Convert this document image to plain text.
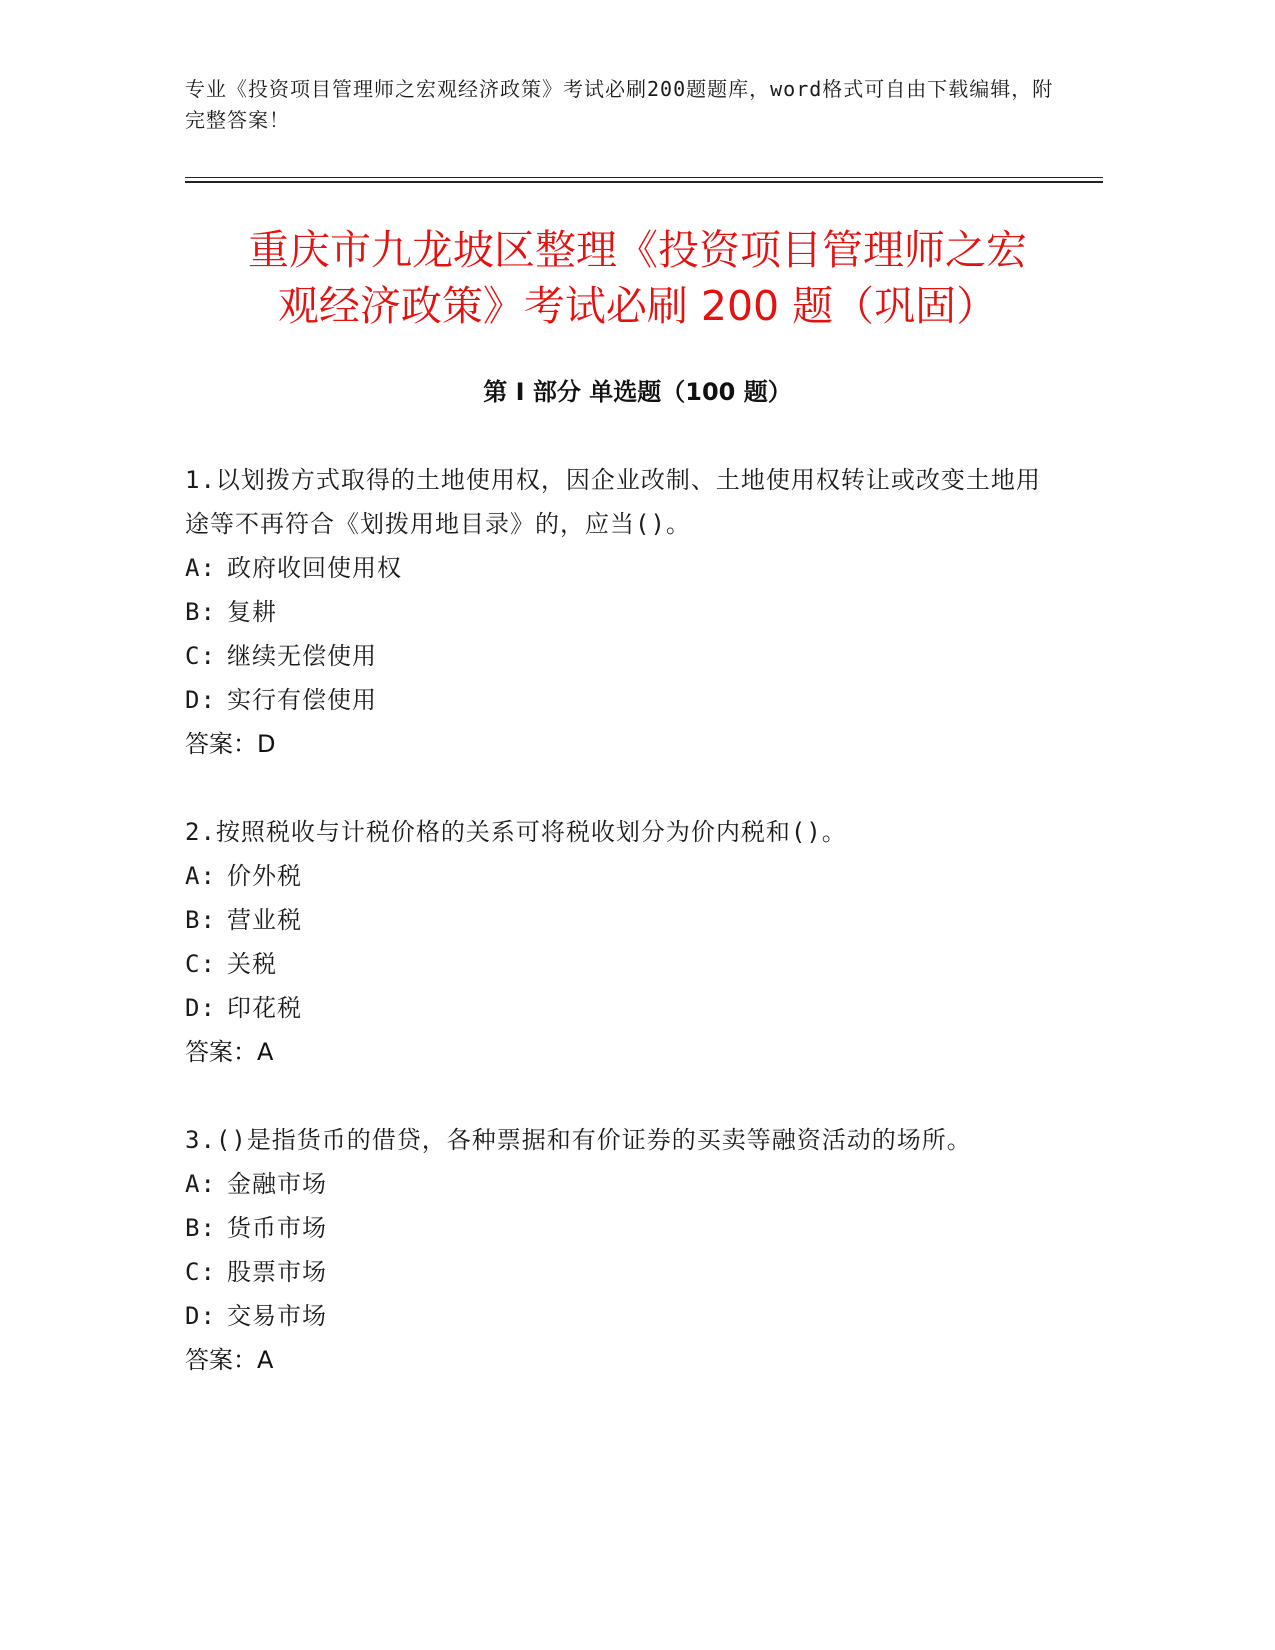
专业《投资项目管理师之宏观经济政策》考试必刷200题题库，word格式可自由下载编辑，附完整答案！
重庆市九龙坡区整理《投资项目管理师之宏
观经济政策》考试必刷 200 题（巩固）
第 I 部分 单选题（100 题）

1.以划拨方式取得的土地使用权，因企业改制、土地使用权转让或改变土地用途等不再符合《划拨用地目录》的，应当()。

A: 政府收回使用权

B: 复耕

C: 继续无偿使用

D: 实行有偿使用

答案：D

2.按照税收与计税价格的关系可将税收划分为价内税和()。

A: 价外税

B: 营业税

C: 关税

D: 印花税

答案：A

3.()是指货币的借贷，各种票据和有价证券的买卖等融资活动的场所。

A: 金融市场

B: 货币市场

C: 股票市场

D: 交易市场

答案：A
